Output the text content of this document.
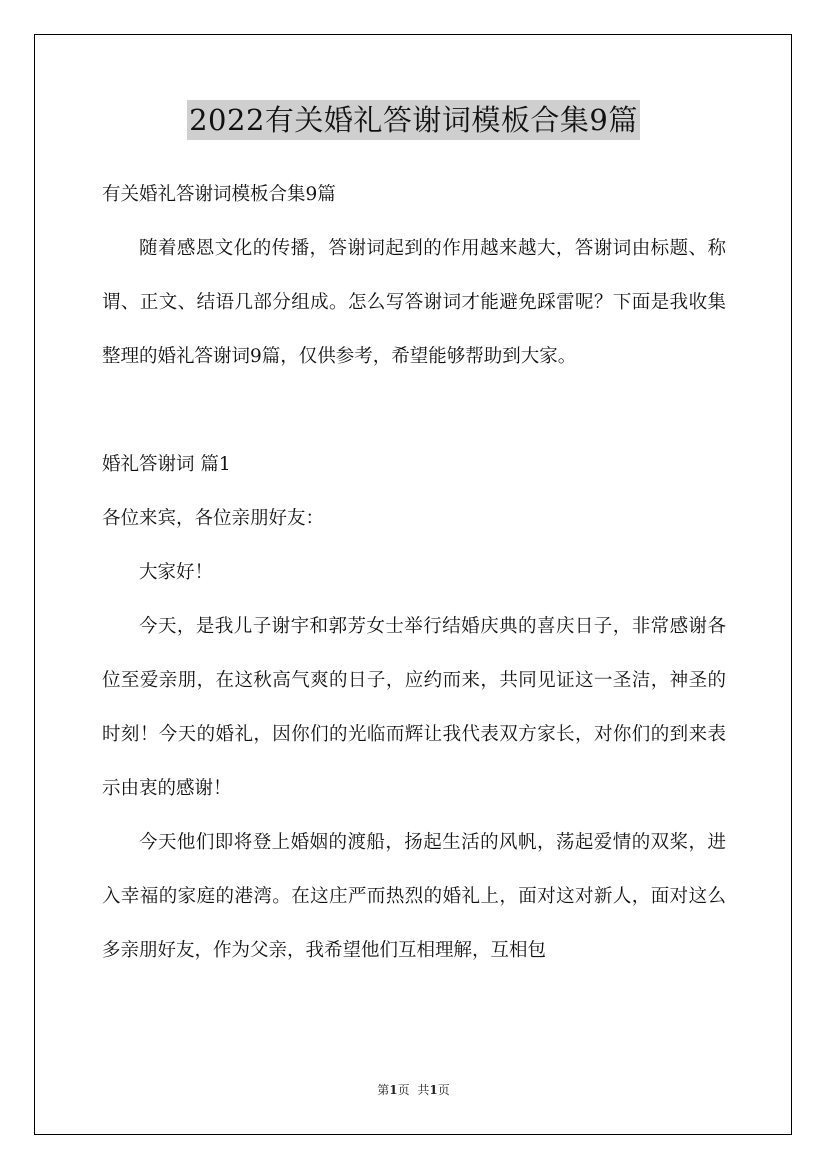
2022有关婚礼答谢词模板合集9篇

有关婚礼答谢词模板合集9篇

随着感恩文化的传播，答谢词起到的作用越来越大，答谢词由标题、称谓、正文、结语几部分组成。怎么写答谢词才能避免踩雷呢？下面是我收集整理的婚礼答谢词9篇，仅供参考，希望能够帮助到大家。

婚礼答谢词 篇1

各位来宾，各位亲朋好友：

大家好！

今天，是我儿子谢宇和郭芳女士举行结婚庆典的喜庆日子，非常感谢各位至爱亲朋，在这秋高气爽的日子，应约而来，共同见证这一圣洁，神圣的时刻！今天的婚礼，因你们的光临而辉让我代表双方家长，对你们的到来表示由衷的感谢！

今天他们即将登上婚姻的渡船，扬起生活的风帆，荡起爱情的双桨，进入幸福的家庭的港湾。在这庄严而热烈的婚礼上，面对这对新人，面对这么多亲朋好友，作为父亲，我希望他们互相理解，互相包

第1页 共1页
